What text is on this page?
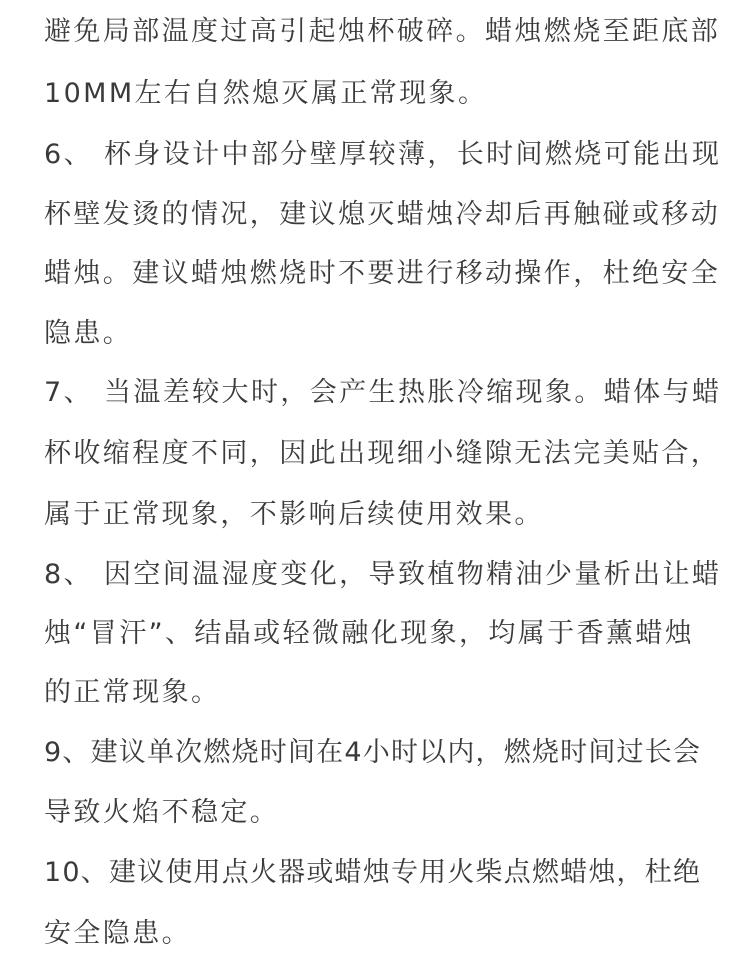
避免局部温度过高引起烛杯破碎。蜡烛燃烧至距底部
10MM左右自然熄灭属正常现象。
6、 杯身设计中部分壁厚较薄，长时间燃烧可能出现
杯壁发烫的情况，建议熄灭蜡烛冷却后再触碰或移动
蜡烛。建议蜡烛燃烧时不要进行移动操作，杜绝安全
隐患。
7、 当温差较大时，会产生热胀冷缩现象。蜡体与蜡
杯收缩程度不同，因此出现细小缝隙无法完美贴合，
属于正常现象，不影响后续使用效果。
8、 因空间温湿度变化，导致植物精油少量析出让蜡
烛“冒汗”、结晶或轻微融化现象，均属于香薰蜡烛
的正常现象。
9、建议单次燃烧时间在4小时以内，燃烧时间过长会
导致火焰不稳定。
10、建议使用点火器或蜡烛专用火柴点燃蜡烛，杜绝
安全隐患。
